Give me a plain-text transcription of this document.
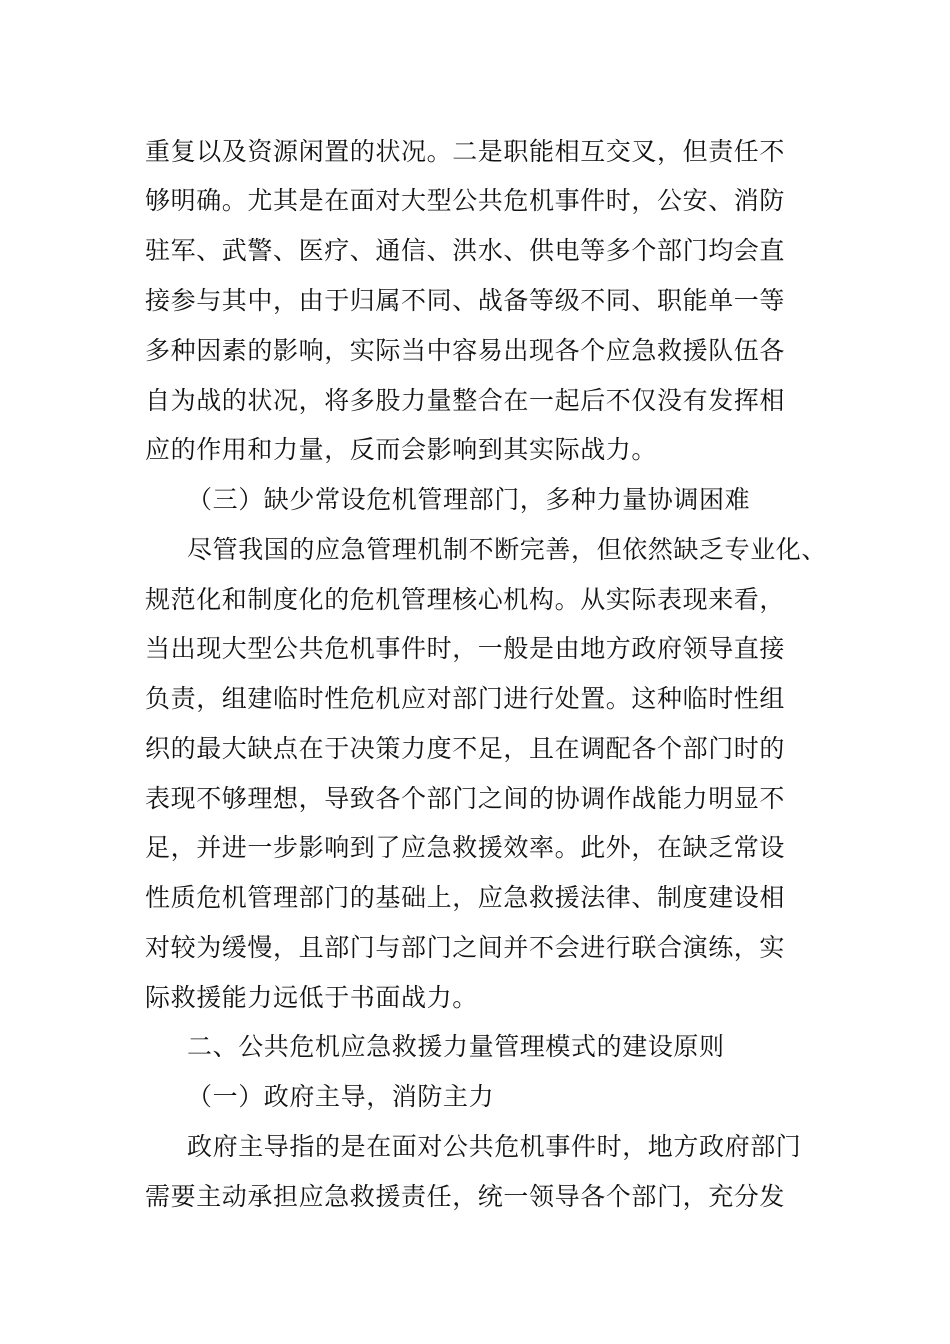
重复以及资源闲置的状况。二是职能相互交叉，但责任不
够明确。尤其是在面对大型公共危机事件时，公安、消防
驻军、武警、医疗、通信、洪水、供电等多个部门均会直
接参与其中，由于归属不同、战备等级不同、职能单一等
多种因素的影响，实际当中容易出现各个应急救援队伍各
自为战的状况，将多股力量整合在一起后不仅没有发挥相
应的作用和力量，反而会影响到其实际战力。
（三）缺少常设危机管理部门，多种力量协调困难
尽管我国的应急管理机制不断完善，但依然缺乏专业化、
规范化和制度化的危机管理核心机构。从实际表现来看，
当出现大型公共危机事件时，一般是由地方政府领导直接
负责，组建临时性危机应对部门进行处置。这种临时性组
织的最大缺点在于决策力度不足，且在调配各个部门时的
表现不够理想，导致各个部门之间的协调作战能力明显不
足，并进一步影响到了应急救援效率。此外，在缺乏常设
性质危机管理部门的基础上，应急救援法律、制度建设相
对较为缓慢，且部门与部门之间并不会进行联合演练，实
际救援能力远低于书面战力。
二、公共危机应急救援力量管理模式的建设原则
（一）政府主导，消防主力
政府主导指的是在面对公共危机事件时，地方政府部门
需要主动承担应急救援责任，统一领导各个部门，充分发
